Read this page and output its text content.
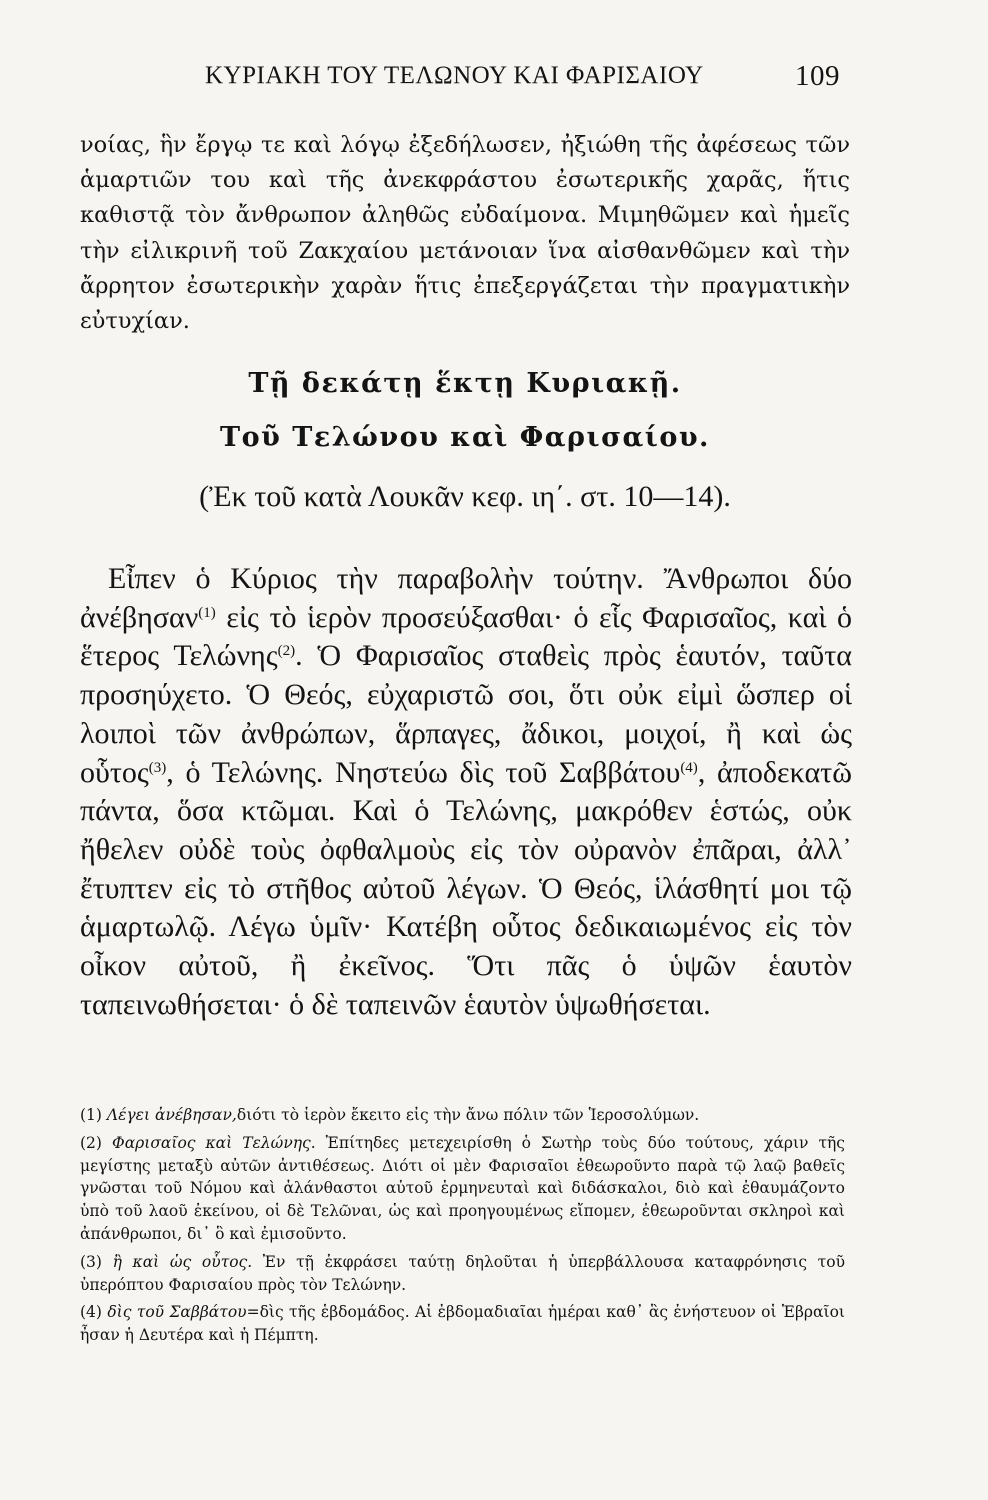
ΚΥΡΙΑΚΗ ΤΟΥ ΤΕΛΩΝΟΥ ΚΑΙ ΦΑΡΙΣΑΙΟΥ	109

νοίας, ἣν ἔργῳ τε καὶ λόγῳ ἐξεδήλωσεν, ἠξιώθη τῆς ἀφέσεως τῶν ἁμαρτιῶν του καὶ τῆς ἀνεκφράστου ἐσωτερικῆς χαρᾶς, ἥτις καθιστᾷ τὸν ἄνθρωπον ἀληθῶς εὐδαίμονα. Μιμηθῶμεν καὶ ἡμεῖς τὴν εἰλικρινῆ τοῦ Ζακχαίου μετάνοιαν ἵνα αἰσθανθῶμεν καὶ τὴν ἄρρητον ἐσωτερικὴν χαρὰν ἥτις ἐπεξεργάζεται τὴν πραγματικὴν εὐτυχίαν.

Τῇ δεκάτῃ ἕκτῃ Κυριακῇ.
Τοῦ Τελώνου καὶ Φαρισαίου.

(Ἐκ τοῦ κατὰ Λουκᾶν κεφ. ιη΄. στ. 10—14).

Εἶπεν ὁ Κύριος τὴν παραβολὴν τούτην. Ἄνθρωποι δύο ἀνέβησαν$^{(1)}$ εἰς τὸ ἱερὸν προσεύξασθαι· ὁ εἷς Φαρισαῖος, καὶ ὁ ἕτερος Τελώνης$^{(2)}$. Ὁ Φαρισαῖος σταθεὶς πρὸς ἑαυτόν, ταῦτα προσηύχετο. Ὁ Θεός, εὐχαριστῶ σοι, ὅτι οὐκ εἰμὶ ὥσπερ οἱ λοιποὶ τῶν ἀνθρώπων, ἅρπαγες, ἄδικοι, μοιχοί, ἢ καὶ ὡς οὗτος$^{(3)}$, ὁ Τελώνης. Νηστεύω δὶς τοῦ Σαββάτου$^{(4)}$, ἀποδεκατῶ πάντα, ὅσα κτῶμαι. Καὶ ὁ Τελώνης, μακρόθεν ἑστώς, οὐκ ἤθελεν οὐδὲ τοὺς ὀφθαλμοὺς εἰς τὸν οὐρανὸν ἐπᾶραι, ἀλλ᾿ ἔτυπτεν εἰς τὸ στῆθος αὐτοῦ λέγων. Ὁ Θεός, ἱλάσθητί μοι τῷ ἁμαρτωλῷ. Λέγω ὑμῖν· Κατέβη οὗτος δεδικαιωμένος εἰς τὸν οἶκον αὐτοῦ, ἢ ἐκεῖνος. Ὅτι πᾶς ὁ ὑψῶν ἑαυτὸν ταπεινωθήσεται· ὁ δὲ ταπεινῶν ἑαυτὸν ὑψωθήσεται.

(1) Λέγει ἀνέβησαν,διότι τὸ ἱερὸν ἔκειτο εἰς τὴν ἄνω πόλιν τῶν Ἱεροσολύμων.

(2) Φαρισαῖος καὶ Τελώνης. Ἐπίτηδες μετεχειρίσθη ὁ Σωτὴρ τοὺς δύο τούτους, χάριν τῆς μεγίστης μεταξὺ αὐτῶν ἀντιθέσεως. Διότι οἱ μὲν Φαρισαῖοι ἐθεωροῦντο παρὰ τῷ λαῷ βαθεῖς γνῶσται τοῦ Νόμου καὶ ἀλάνθαστοι αὐτοῦ ἑρμηνευταὶ καὶ διδάσκαλοι, διὸ καὶ ἐθαυμάζοντο ὑπὸ τοῦ λαοῦ ἐκείνου, οἱ δὲ Τελῶναι, ὡς καὶ προηγουμένως εἴπομεν, ἐθεωροῦνται σκληροὶ καὶ ἀπάνθρωποι, δι᾿ ὃ καὶ ἐμισοῦντο.

(3) ἢ καὶ ὡς οὗτος. Ἐν τῇ ἐκφράσει ταύτῃ δηλοῦται ἡ ὑπερβάλλουσα καταφρόνησις τοῦ ὑπερόπτου Φαρισαίου πρὸς τὸν Τελώνην.

(4) δὶς τοῦ Σαββάτου=δὶς τῆς ἑβδομάδος. Αἱ ἑβδομαδιαῖαι ἡμέραι καθ᾿ ἃς ἐνήστευον οἱ Ἑβραῖοι ἦσαν ἡ Δευτέρα καὶ ἡ Πέμπτη.
